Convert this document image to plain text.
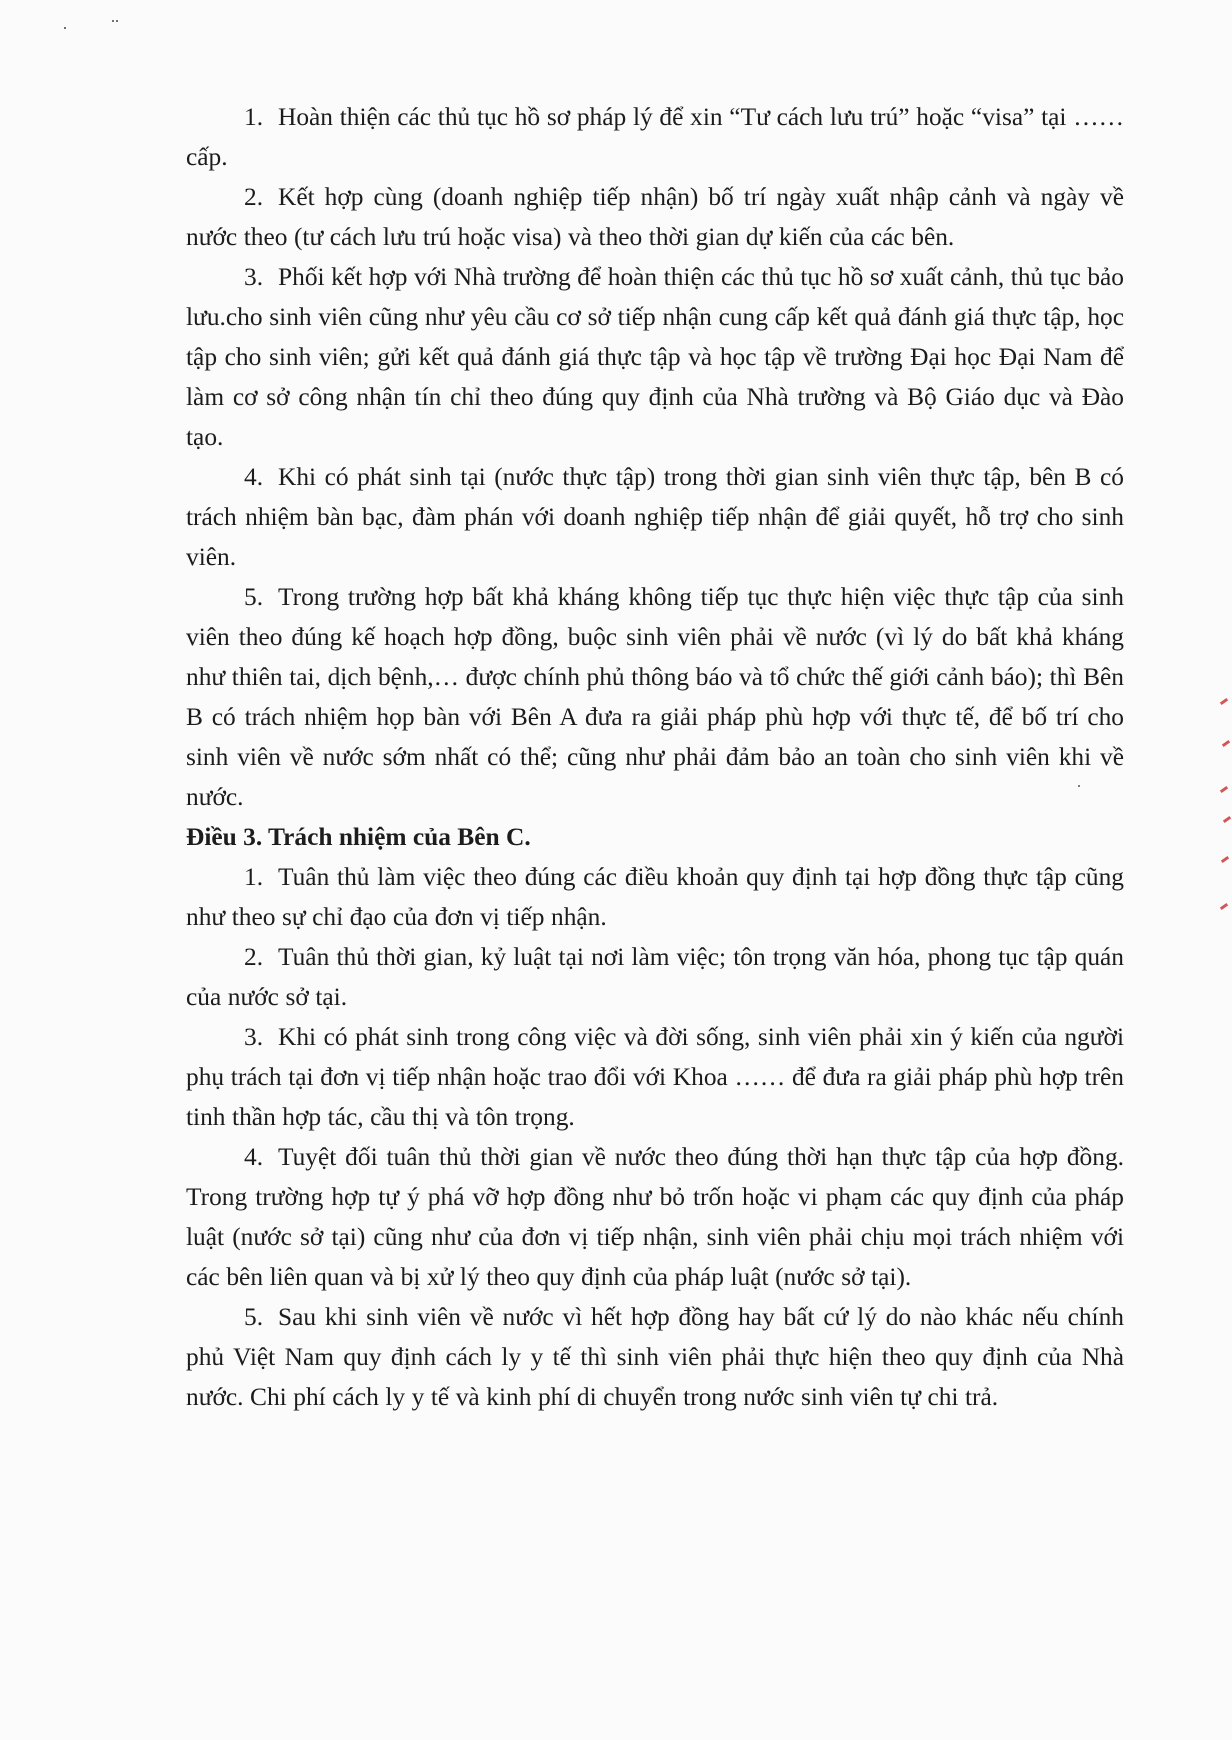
1. Hoàn thiện các thủ tục hồ sơ pháp lý để xin “Tư cách lưu trú” hoặc “visa” tại …… cấp.

2. Kết hợp cùng (doanh nghiệp tiếp nhận) bố trí ngày xuất nhập cảnh và ngày về nước theo (tư cách lưu trú hoặc visa) và theo thời gian dự kiến của các bên.

3. Phối kết hợp với Nhà trường để hoàn thiện các thủ tục hồ sơ xuất cảnh, thủ tục bảo lưu.cho sinh viên cũng như yêu cầu cơ sở tiếp nhận cung cấp kết quả đánh giá thực tập, học tập cho sinh viên; gửi kết quả đánh giá thực tập và học tập về trường Đại học Đại Nam để làm cơ sở công nhận tín chỉ theo đúng quy định của Nhà trường và Bộ Giáo dục và Đào tạo.

4. Khi có phát sinh tại (nước thực tập) trong thời gian sinh viên thực tập, bên B có trách nhiệm bàn bạc, đàm phán với doanh nghiệp tiếp nhận để giải quyết, hỗ trợ cho sinh viên.

5. Trong trường hợp bất khả kháng không tiếp tục thực hiện việc thực tập của sinh viên theo đúng kế hoạch hợp đồng, buộc sinh viên phải về nước (vì lý do bất khả kháng như thiên tai, dịch bệnh,… được chính phủ thông báo và tổ chức thế giới cảnh báo); thì Bên B có trách nhiệm họp bàn với Bên A đưa ra giải pháp phù hợp với thực tế, để bố trí cho sinh viên về nước sớm nhất có thể; cũng như phải đảm bảo an toàn cho sinh viên khi về nước.

Điều 3. Trách nhiệm của Bên C.

1. Tuân thủ làm việc theo đúng các điều khoản quy định tại hợp đồng thực tập cũng như theo sự chỉ đạo của đơn vị tiếp nhận.

2. Tuân thủ thời gian, kỷ luật tại nơi làm việc; tôn trọng văn hóa, phong tục tập quán của nước sở tại.

3. Khi có phát sinh trong công việc và đời sống, sinh viên phải xin ý kiến của người phụ trách tại đơn vị tiếp nhận hoặc trao đổi với Khoa …… để đưa ra giải pháp phù hợp trên tinh thần hợp tác, cầu thị và tôn trọng.

4. Tuyệt đối tuân thủ thời gian về nước theo đúng thời hạn thực tập của hợp đồng. Trong trường hợp tự ý phá vỡ hợp đồng như bỏ trốn hoặc vi phạm các quy định của pháp luật (nước sở tại) cũng như của đơn vị tiếp nhận, sinh viên phải chịu mọi trách nhiệm với các bên liên quan và bị xử lý theo quy định của pháp luật (nước sở tại).

5. Sau khi sinh viên về nước vì hết hợp đồng hay bất cứ lý do nào khác nếu chính phủ Việt Nam quy định cách ly y tế thì sinh viên phải thực hiện theo quy định của Nhà nước. Chi phí cách ly y tế và kinh phí di chuyển trong nước sinh viên tự chi trả.
